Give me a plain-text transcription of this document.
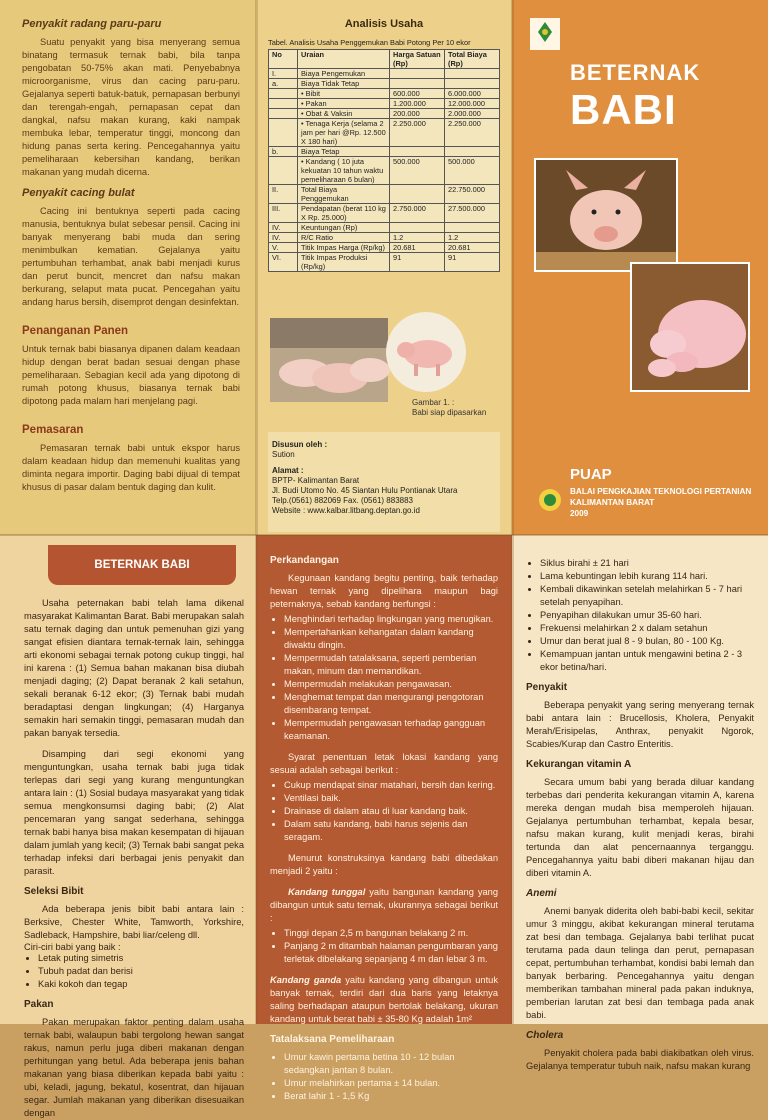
Penyakit radang paru-paru

Suatu penyakit yang bisa menyerang semua binatang termasuk ternak babi, bila tanpa pengobatan 50-75% akan mati. Penyebabnya microorganisme, virus dan cacing paru-paru. Gejalanya seperti batuk-batuk, pernapasan berbunyi dan terengah-engah, pernapasan cepat dan dangkal, nafsu makan kurang, kaki nampak membuka lebar, temperatur tinggi, moncong dan hidung panas serta kering. Pencegahannya yaitu pemeliharaan kebersihan kandang, berikan makanan yang mudah dicerna.

Penyakit cacing bulat

Cacing ini bentuknya seperti pada cacing manusia, bentuknya bulat sebesar pensil. Cacing ini banyak menyerang babi muda dan sering menimbulkan kematian. Gejalanya yaitu pertumbuhan terhambat, anak babi menjadi kurus dan perut buncit, mencret dan nafsu makan berkurang, selaput mata pucat. Pencegahan yaitu andang harus bersih, disemprot dengan desinfektan.

Penanganan Panen

Untuk ternak babi biasanya dipanen dalam keadaan hidup dengan berat badan sesuai dengan phase pemeliharaan. Sebagian kecil ada yang dipotong di rumah potong khusus, biasanya ternak babi dipotong pada malam hari menjelang pagi.

Pemasaran

Pemasaran ternak babi untuk ekspor harus dalam keadaan hidup dan memenuhi kualitas yang diminta negara importir. Daging babi dijual di tempat khusus di pasar dalam bentuk daging dan kulit.

Analisis Usaha
Tabel. Analisis Usaha Penggemukan Babi Potong Per 10 ekor
No	Uraian	Harga Satuan (Rp)	Total Biaya (Rp)
I.	Biaya Pengemukan		
a.	Biaya Tidak Tetap		
	• Bibit	600.000	6.000.000
	• Pakan	1.200.000	12.000.000
	• Obat & Vaksin	200.000	2.000.000
	• Tenaga Kerja (selama 2 jam per hari @Rp. 12.500 X 180 hari)	2.250.000	2.250.000
b.	Biaya Tetap		
	• Kandang ( 10 juta kekuatan 10 tahun waktu pemeliharaan 6 bulan)	500.000	500.000
II.	Total Biaya Penggemukan		22.750.000
III.	Pendapatan (berat 110 kg X Rp. 25.000)	2.750.000	27.500.000
IV.	Keuntungan (Rp)		
IV.	R/C Ratio	1.2	1.2
V.	Titik Impas Harga (Rp/kg)	20.681	20.681
VI.	Titik Impas Produksi (Rp/kg)	91	91
Gambar 1. :
Babi siap dipasarkan
Disusun oleh :
Sution
Alamat :
BPTP- Kalimantan Barat
Jl. Budi Utomo No. 45 Siantan Hulu Pontianak Utara
Telp.(0561) 882069 Fax. (0561) 883883
Website : www.kalbar.litbang.deptan.go.id
BETERNAK
BABI
PUAP
BALAI PENGKAJIAN TEKNOLOGI PERTANIAN
KALIMANTAN BARAT
2009
BETERNAK BABI

Usaha peternakan babi telah lama dikenal masyarakat Kalimantan Barat. Babi merupakan salah satu ternak daging dan untuk pemenuhan gizi yang sangat efisien diantara ternak-ternak lain, sehingga arti ekonomi sebagai ternak potong cukup tinggi, hal ini karena : (1) Semua bahan makanan bisa diubah menjadi daging; (2) Dapat beranak 2 kali setahun, sekali beranak 6-12 ekor; (3) Ternak babi mudah beradaptasi dengan lingkungan; (4) Harganya semakin hari semakin tinggi, pemasaran mudah dan pakan banyak tersedia.

Disamping dari segi ekonomi yang menguntungkan, usaha ternak babi juga tidak terlepas dari segi yang kurang menguntungkan antara lain : (1) Sosial budaya masyarakat yang tidak semua mengkonsumsi daging babi; (2) Alat pencemaran yang sangat sederhana, sehingga ternak babi hanya bisa makan kesempatan di hijauan dalam jumlah yang kecil; (3) Ternak babi sangat peka terhadap infeksi dari berbagai jenis penyakit dan parasit.

Seleksi Bibit

Ada beberapa jenis bibit babi antara lain : Berksive, Chester White, Tamworth, Yorkshire, Sadleback, Hampshire, babi liar/celeng dll.

Ciri-ciri babi yang baik :
• Letak puting simetris
• Tubuh padat dan berisi
• Kaki kokoh dan tegap
Pakan

Pakan merupakan faktor penting dalam usaha ternak babi, walaupun babi tergolong hewan sangat rakus, namun perlu juga diberi makanan dengan perhitungan yang betul. Ada beberapa jenis bahan makanan yang biasa diberikan kepada babi yaitu : ubi, keladi, jagung, bekatul, kosentrat, dan hijauan segar. Jumlah makanan yang diberikan disesuaikan dengan

Perkandangan

Kegunaan kandang begitu penting, baik terhadap hewan ternak yang dipelihara maupun bagi peternaknya, sebab kandang berfungsi :

• Menghindari terhadap lingkungan yang merugikan.
• Mempertahankan kehangatan dalam kandang diwaktu dingin.
• Mempermudah tatalaksana, seperti pemberian makan, minum dan memandikan.
• Mempermudah melakukan pengawasan.
• Menghemat tempat dan mengurangi pengotoran disembarang tempat.
• Mempermudah pengawasan terhadap gangguan keamanan.

Syarat penentuan letak lokasi kandang yang sesuai adalah sebagai berikut :

• Cukup mendapat sinar matahari, bersih dan kering.
• Ventilasi baik.
• Drainase di dalam atau di luar kandang baik.
• Dalam satu kandang, babi harus sejenis dan seragam.

Menurut konstruksinya kandang babi dibedakan menjadi 2 yaitu :

Kandang tunggal yaitu bangunan kandang yang dibangun untuk satu ternak, ukurannya sebagai berikut :

• Tinggi depan 2,5 m bangunan belakang 2 m.
• Panjang 2 m ditambah halaman pengumbaran yang terletak dibelakang sepanjang 4 m dan lebar 3 m.

Kandang ganda yaitu kandang yang dibangun untuk banyak ternak, terdiri dari dua baris yang letaknya saling berhadapan ataupun bertolak belakang, ukuran kandang untuk berat babi ± 35-80 Kg adalah 1m²

Tatalaksana Pemeliharaan
• Umur kawin pertama betina 10 - 12 bulan sedangkan jantan 8 bulan.
• Umur melahirkan pertama ± 14 bulan.
• Berat lahir 1 - 1,5 Kg
• Siklus birahi ± 21 hari
• Lama kebuntingan lebih kurang 114 hari.
• Kembali dikawinkan setelah melahirkan 5 - 7 hari setelah penyapihan.
• Penyapihan dilakukan umur 35-60 hari.
• Frekuensi melahirkan 2 x dalam setahun
• Umur dan berat jual 8 - 9 bulan, 80 - 100 Kg.
• Kemampuan jantan untuk mengawini betina 2 - 3 ekor betina/hari.
Penyakit

Beberapa penyakit yang sering menyerang ternak babi antara lain : Brucellosis, Kholera, Penyakit Merah/Erisipelas, Anthrax, penyakit Ngorok, Scabies/Kurap dan Castro Enteritis.

Kekurangan vitamin A

Secara umum babi yang berada diluar kandang terbebas dari penderita kekurangan vitamin A, karena mereka dengan mudah bisa memperoleh hijauan. Gejalanya pertumbuhan terhambat, kepala besar, nafsu makan kurang, kulit menjadi keras, birahi tertunda dan alat pencernaannya terganggu. Pencegahannya yaitu babi diberi makanan hijau dan diberi vitamin A.

Anemi

Anemi banyak diderita oleh babi-babi kecil, sekitar umur 3 minggu, akibat kekurangan mineral terutama zat besi dan tembaga. Gejalanya babi terlihat pucat terutama pada daun telinga dan perut, pernapasan cepat, pertumbuhan terhambat, kondisi babi lemah dan banyak berbaring. Pencegahannya yaitu dengan memberikan tambahan mineral pada pakan induknya, pemberian larutan zat besi dan tembaga pada anak babi.

Cholera

Penyakit cholera pada babi diakibatkan oleh virus. Gejalanya temperatur tubuh naik, nafsu makan kurang
